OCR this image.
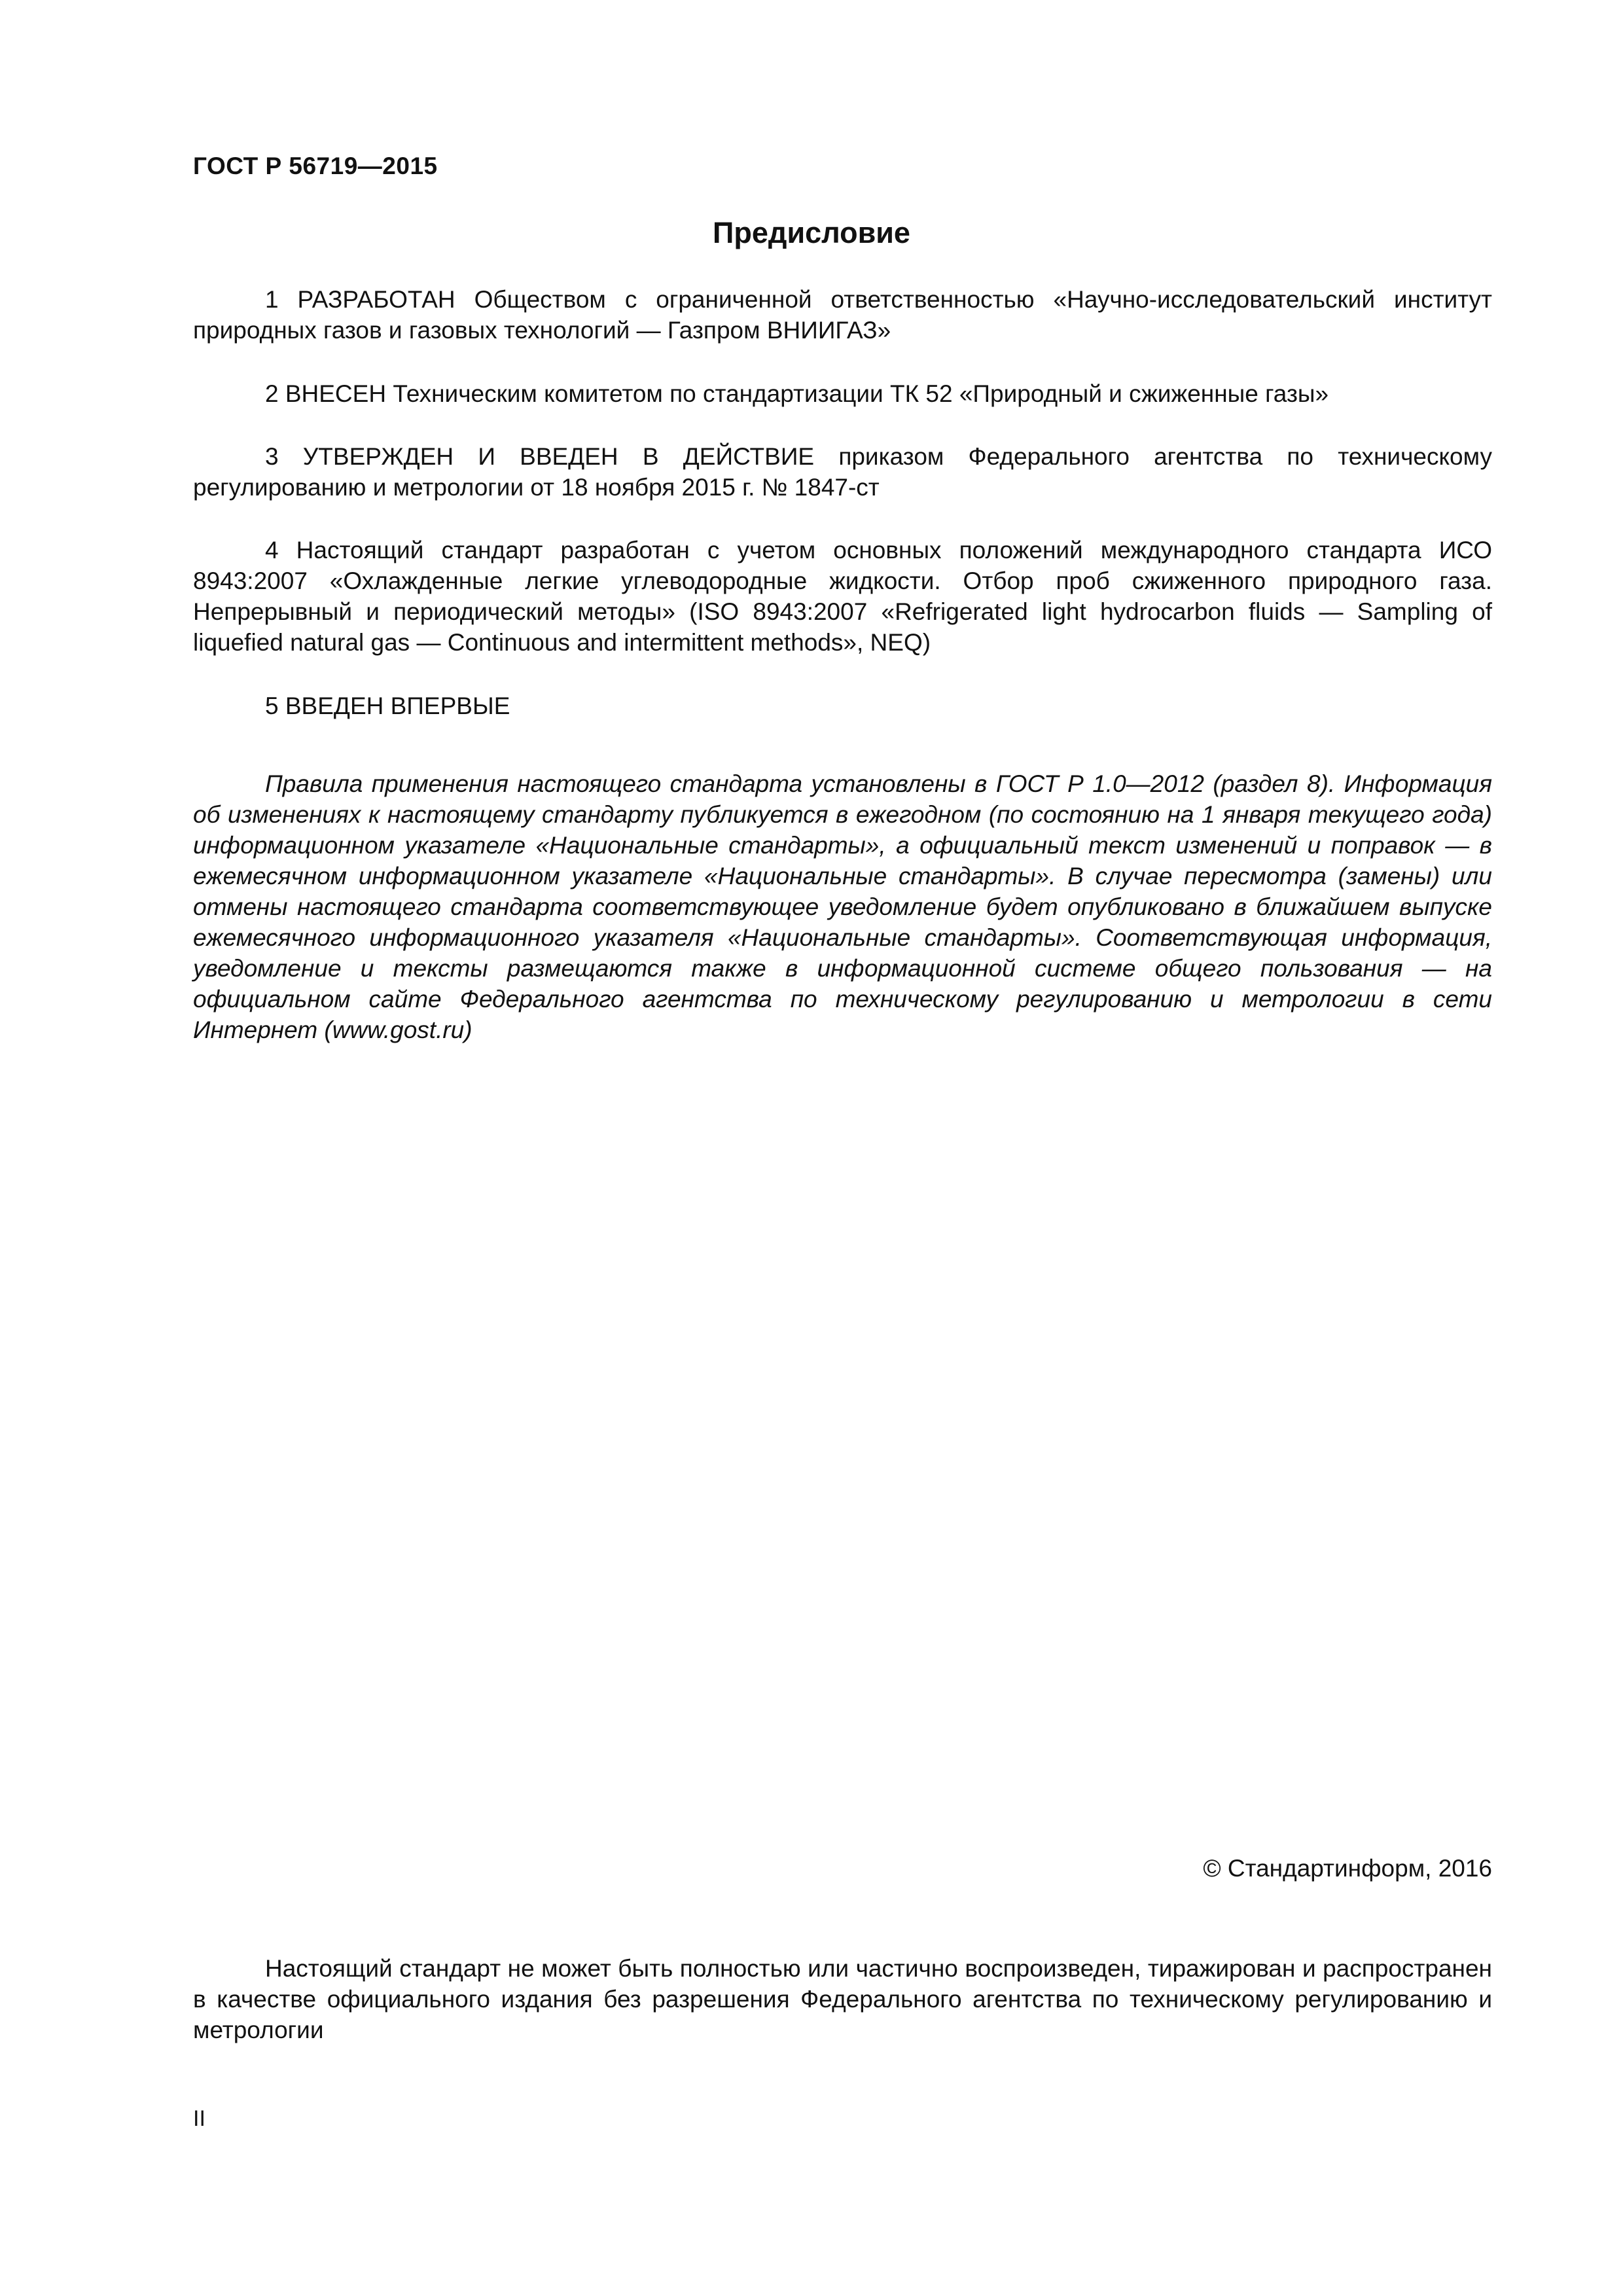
ГОСТ Р 56719—2015
Предисловие

1 РАЗРАБОТАН Обществом с ограниченной ответственностью «Научно-исследовательский институт природных газов и газовых технологий — Газпром ВНИИГАЗ»

2 ВНЕСЕН Техническим комитетом по стандартизации ТК 52 «Природный и сжиженные газы»

3 УТВЕРЖДЕН И ВВЕДЕН В ДЕЙСТВИЕ приказом Федерального агентства по техническому регулированию и метрологии от 18 ноября 2015 г. № 1847-ст

4 Настоящий стандарт разработан с учетом основных положений международного стандарта ИСО 8943:2007 «Охлажденные легкие углеводородные жидкости. Отбор проб сжиженного природного газа. Непрерывный и периодический методы» (ISO 8943:2007 «Refrigerated light hydrocarbon fluids — Sampling of liquefied natural gas — Continuous and intermittent methods», NEQ)

5 ВВЕДЕН ВПЕРВЫЕ

Правила применения настоящего стандарта установлены в ГОСТ Р 1.0—2012 (раздел 8). Информация об изменениях к настоящему стандарту публикуется в ежегодном (по состоянию на 1 января текущего года) информационном указателе «Национальные стандарты», а официальный текст изменений и поправок — в ежемесячном информационном указателе «Национальные стандарты». В случае пересмотра (замены) или отмены настоящего стандарта соответствующее уведомление будет опубликовано в ближайшем выпуске ежемесячного информационного указателя «Национальные стандарты». Соответствующая информация, уведомление и тексты размещаются также в информационной системе общего пользования — на официальном сайте Федерального агентства по техническому регулированию и метрологии в сети Интернет (www.gost.ru)

© Стандартинформ, 2016

Настоящий стандарт не может быть полностью или частично воспроизведен, тиражирован и распространен в качестве официального издания без разрешения Федерального агентства по техническому регулированию и метрологии

II
